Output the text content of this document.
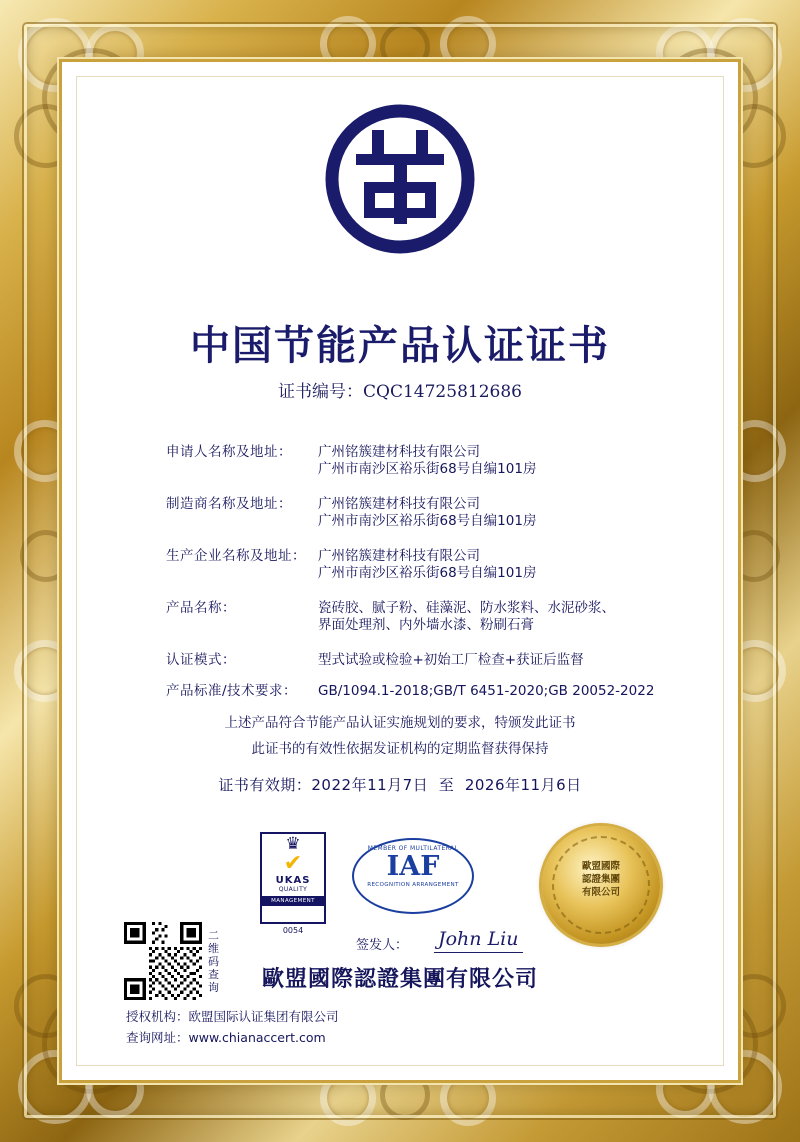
中国节能产品认证证书
证书编号：CQC14725812686
申请人名称及地址：	广州铭簇建材科技有限公司
广州市南沙区裕乐街68号自编101房
制造商名称及地址：	广州铭簇建材科技有限公司
广州市南沙区裕乐街68号自编101房
生产企业名称及地址： 广州铭簇建材科技有限公司
广州市南沙区裕乐街68号自编101房
产品名称：	瓷砖胶、腻子粉、硅藻泥、防水浆料、水泥砂浆、
界面处理剂、内外墙水漆、粉刷石膏
认证模式：	型式试验或检验+初始工厂检查+获证后监督
产品标准/技术要求：	GB/1094.1-2018;GB/T 6451-2020;GB 20052-2022
上述产品符合节能产品认证实施规划的要求，特颁发此证书
此证书的有效性依据发证机构的定期监督获得保持
证书有效期：2022年11月7日 至 2026年11月6日
♛
✔
UKAS
QUALITY
MANAGEMENT
0054
MEMBER OF MULTILATERAL
IAF
RECOGNITION ARRANGEMENT
歐盟國際
認證集團
有限公司
签发人： John Liu
歐盟國際認證集團有限公司
二
维
码
查
询
授权机构：欧盟国际认证集团有限公司
查询网址：www.chianaccert.com
